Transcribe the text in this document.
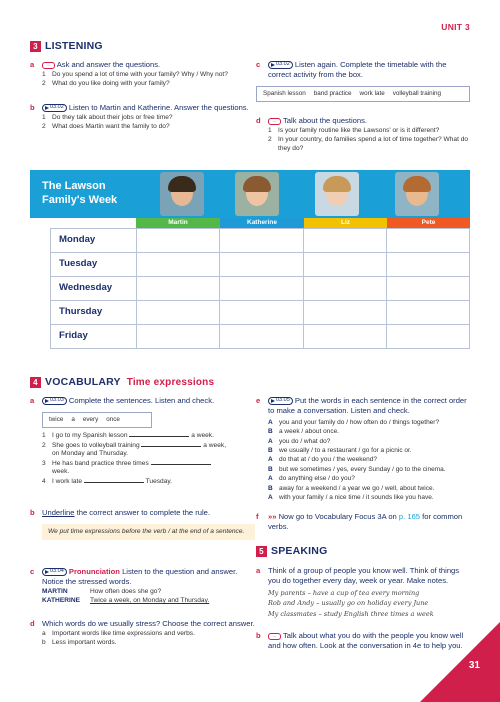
UNIT 3
3 LISTENING
a	··· Ask and answer the questions.
1 Do you spend a lot of time with your family? Why / Why not?
2 What do you like doing with your family?
b	03.02 Listen to Martin and Katherine. Answer the questions.
1 Do they talk about their jobs or free time?
2 What does Martin want the family to do?
c	03.02 Listen again. Complete the timetable with the correct activity from the box.
Spanish lesson band practice work late volleyball training
d	··· Talk about the questions.
1 Is your family routine like the Lawsons' or is it different?
2 In your country, do families spend a lot of time together? What do they do?
The Lawson
Family's Week
Martin	Katherine	Liz	Pete
Monday				
Tuesday				
Wednesday				
Thursday				
Friday				
4 VOCABULARY Time expressions
a	03.03 Complete the sentences. Listen and check.
twice a every once
1 I go to my Spanish lesson	a week.
2 She goes to volleyball training	a week,
on Monday and Thursday.
3 He has band practice three times
week.
4 I work late	Tuesday.
b Underline the correct answer to complete the rule.
We put time expressions before the verb / at the end of a sentence.
c	03.04 Pronunciation Listen to the question and answer. Notice the stressed words.
MARTIN	How often does she go?
KATHERINE	Twice a week, on Monday and Thursday.
d Which words do we usually stress? Choose the correct answer.
a Important words like time expressions and verbs.
b Less important words.
e	03.05 Put the words in each sentence in the correct order to make a conversation. Listen and check.
A you and your family do / how often do / things together?
B a week / about once.
A you do / what do?
B we usually / to a restaurant / go for a picnic or.
A do that at / do you / the weekend?
B but we sometimes / yes, every Sunday / go to the cinema.
A do anything else / do you?
B away for a weekend / a year we go / well, about twice.
A with your family / a nice time / it sounds like you have.
f	»» Now go to Vocabulary Focus 3A on p. 165 for common verbs.
5 SPEAKING
a	Think of a group of people you know well. Think of things you do together every day, week or year. Make notes.
My parents – have a cup of tea every morning
Rob and Andy – usually go on holiday every June
My classmates – study English three times a week
b	··· Talk about what you do with the people you know well and how often. Look at the conversation in 4e to help you.
31
